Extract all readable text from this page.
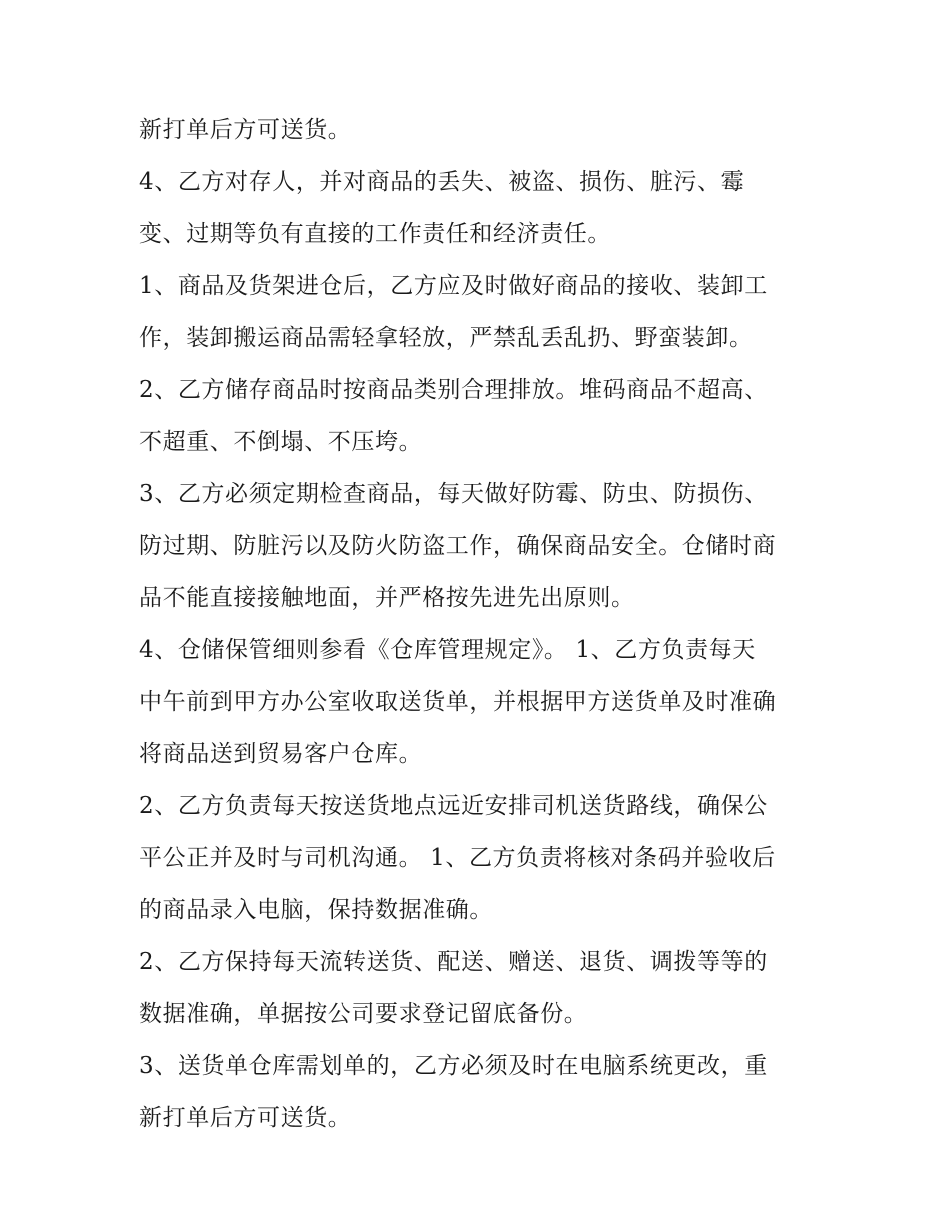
新打单后方可送货。
4、乙方对存人，并对商品的丢失、被盗、损伤、脏污、霉
变、过期等负有直接的工作责任和经济责任。
1、商品及货架进仓后，乙方应及时做好商品的接收、装卸工
作，装卸搬运商品需轻拿轻放，严禁乱丢乱扔、野蛮装卸。
2、乙方储存商品时按商品类别合理排放。堆码商品不超高、
不超重、不倒塌、不压垮。
3、乙方必须定期检查商品，每天做好防霉、防虫、防损伤、
防过期、防脏污以及防火防盗工作，确保商品安全。仓储时商
品不能直接接触地面，并严格按先进先出原则。
4、仓储保管细则参看《仓库管理规定》。 1、乙方负责每天
中午前到甲方办公室收取送货单，并根据甲方送货单及时准确
将商品送到贸易客户仓库。
2、乙方负责每天按送货地点远近安排司机送货路线，确保公
平公正并及时与司机沟通。 1、乙方负责将核对条码并验收后
的商品录入电脑，保持数据准确。
2、乙方保持每天流转送货、配送、赠送、退货、调拨等等的
数据准确，单据按公司要求登记留底备份。
3、送货单仓库需划单的，乙方必须及时在电脑系统更改，重
新打单后方可送货。
